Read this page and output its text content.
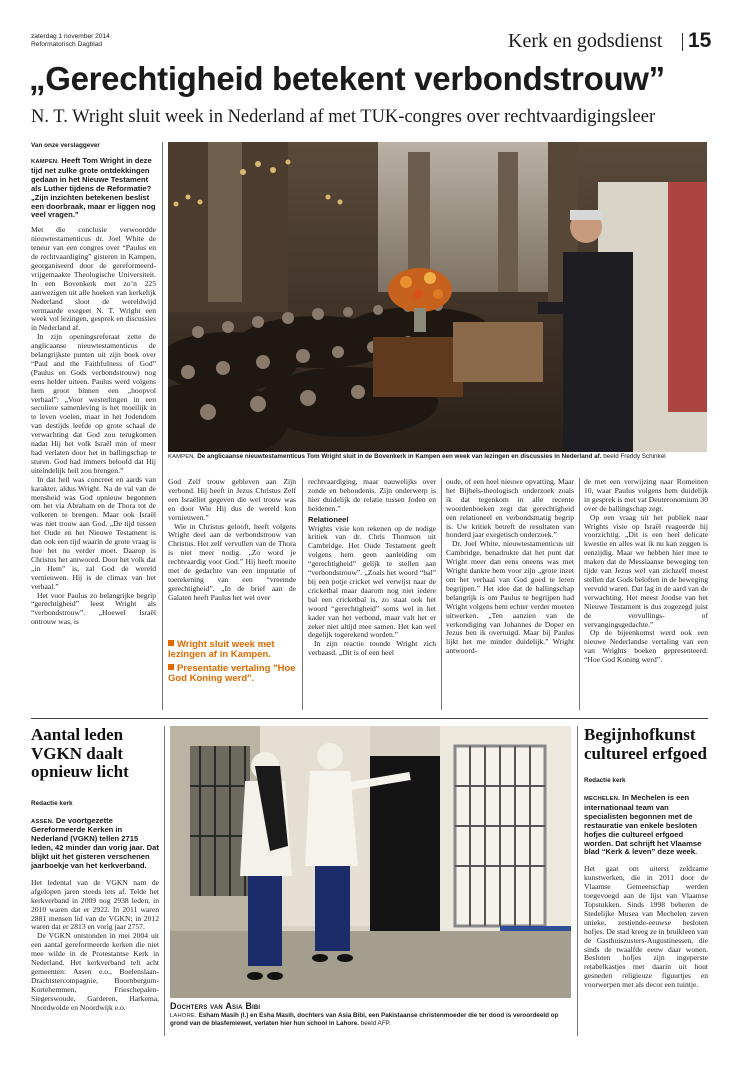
zaterdag 1 november 2014
Reformatorisch Dagblad	Kerk en godsdienst 15
„Gerechtigheid betekent verbondstrouw”
N. T. Wright sluit week in Nederland af met TUK-congres over rechtvaardigingsleer
Van onze verslaggever
KAMPEN. Heeft Tom Wright in deze tijd net zulke grote ontdekkingen gedaan in het Nieuwe Testament als Luther tijdens de Reformatie? „Zijn inzichten betekenen beslist een doorbraak, maar er liggen nog veel vragen.”

Met die conclusie verwoordde nieuwtestamenticus dr. Joel White de teneur van een congres over “Paulus en de rechtvaardiging” gisteren in Kampen, georganiseerd door de gereformeerd-vrijgemaakte Theologische Universiteit. In een Bovenkerk met zo’n 225 aanwezigen uit alle hoeken van kerkelijk Nederland sloot de wereldwijd vermaarde exegeet N. T. Wright een week vol lezingen, gesprek en discussies in Nederland af.

In zijn openingsreferaat zette de anglicaanse nieuwtestamenticus de belangrijkste punten uit zijn boek over “Paul and the Faithfulness of God” (Paulus en Gods verbondstrouw) nog eens helder uiteen. Paulus werd volgens hem groot binnen een „hoopvol verhaal”: „Voor westerlingen in een seculiere samenleving is het moeilijk in te leven voelen, maar in het Jodendom van destijds leefde op grote schaal de verwachting dat God zou terugkomen nadat Hij het volk Israël min of meer had verlaten door het in ballingschap te sturen. God had immers beloofd dat Hij uiteindelijk heil zou brengen.”

In dat heil was concreet en aards van karakter, aldus Wright. Na de val van de mensheid was God opnieuw begonnen om het via Abraham en de Thora tot de volkeren te brengen. Maar ook Israël was niet trouw aan God. „De tijd tussen het Oude en het Nieuwe Testament is dan ook een tijd waarin de grote vraag is hoe het nu verder moet. Daarop is Christus het antwoord. Door het volk dat „in Hem” is, zal God de wereld vernieuwen. Hij is de climax van het verhaal.”

Het voor Paulus zo belangrijke begrip “gerechtigheid” leest Wright als “verbondstrouw”. „Hoewel Israël ontrouw was, is

KAMPEN. De anglicaanse nieuwtestamenticus Tom Wright sluit in de Bovenkerk in Kampen een week van lezingen en discussies in Nederland af. beeld Freddy Schinkel

God Zelf trouw gebleven aan Zijn verbond. Hij heeft in Jezus Christus Zelf een Israëliet gegeven die wel trouw was en door Wie Hij dus de wereld kon vernieuwen.”

Wie in Christus gelooft, heeft volgens Wright deel aan de verbondstrouw van Christus. Het zelf vervullen van de Thora is niet meer nodig. „Zo word je rechtvaardig voor God.” Hij heeft moeite met de gedachte van een imputatie of toerekening van een “vreemde gerechtigheid”. „In de brief aan de Galaten heeft Paulus het wel over

Wright sluit week met lezingen af in Kampen.
Presentatie vertaling "Hoe God Koning werd".

rechtvaardiging, maar nauwelijks over zonde en behoudenis. Zijn onderwerp is hier duidelijk de relatie tussen Joden en heidenen.”

Relationeel

Wrights visie kon rekenen op de nodige kritiek van dr. Chris Thomson uit Cambridge. Het Oude Testament geeft volgens hem geen aanleiding om “gerechtigheid” gelijk te stellen aan “verbondstrouw”. „Zoals het woord “bal” bij een potje cricket wel verwijst naar de cricketbal maar daarom nog niet iedere bal een cricketbal is, zo staat ook het woord “gerechtigheid” soms wel in het kader van het verbond, maar valt het er zeker niet altijd mee samen. Het kan wel degelijk togerekend worden.”

In zijn reactie toonde Wright zich verbaasd. „Dit is of een heel

oude, of een heel nieuwe opvatting. Maar het Bijbels-theologisch onderzoek zoals ik dat tegenkom in alle recente woordenboeken zegt dat gerechtigheid een relationeel en verbondsmatig begrip is. Uw kritiek betreft de resultaten van honderd jaar exegetisch onderzoek.”

Dr. Joel White, nieuwtestamenticus uit Cambridge, benadrukte dat het punt dat Wright meer dan eens oneens was met Wright dankte hem voor zijn „grote inzet om het verhaal van God goed te leren begrijpen.” Het idee dat de ballingschap belangrijk is om Paulus te begrijpen had Wright volgens hem echter verder moeten uitwerken. „Ten aanzien van de verkondiging van Johannes de Doper en Jezus ben ik overtuigd. Maar bij Paulus lijkt het me minder duidelijk.” Wright antwoord-

de met een verwijzing naar Romeinen 10, waar Paulus volgens hem duidelijk in gesprek is met vat Deuteronomium 30 over de ballingschap zegt.

Op een vraag uit het publiek naar Wrights visie op Israël reageerde hij voorzichtig. „Dit is een heel delicate kwestie en alles wat ik nu kan zeggen is eenzijdig. Maar we hebben hier mee te maken dat de Messiaanse beweging ten tijde van Jezus wel van zichzelf moest stellen dat Gods beloften in de beweging vervuld waren. Dat lag in de aard van de verwachting. Het meest Joodse van het Nieuwe Testament is dus zogezegd juist de vervullings- of vervangingsgedachte.”

Op de bijeenkomst werd ook een nieuwe Nederlandse vertaling van een van Wrights boeken gepresenteerd: “Hoe God Koning werd”.

Aantal leden VGKN daalt opnieuw licht
Redactie kerk
ASSEN. De voortgezette Gereformeerde Kerken in Nederland (VGKN) tellen 2715 leden, 42 minder dan vorig jaar. Dat blijkt uit het gisteren verschenen jaarboekje van het kerkverband.

Het ledental van de VGKN nam de afgelopen jaren steeds iets af. Telde het kerkverband in 2009 nog 2938 leden, in 2010 waren dat er 2922. In 2011 waren 2881 mensen lid van de VGKN; in 2012 waren dat er 2813 en vorig jaar 2757.

De VGKN ontstonden in mei 2004 uit een aantal gereformeerde kerken die niet mee wilde in de Protestantse Kerk in Nederland. Het kerkverband telt acht gemeenten: Assen e.o., Boelenslaan-Drachtstercompagnie, Boornbergum-Kortehemmen, Frieschepalen-Siegerswoude, Garderen, Harkema, Noordwolde en Noordwijk e.o.	Dochters van Asia Bibi
LAHORE. Esham Masih (l.) en Esha Masih, dochters van Asia Bibi, een Pakistaanse christenmoeder die ter dood is veroordeeld op grond van de blasfemiewet, verlaten hier hun school in Lahore. beeld AFP.
Begijnhofkunst cultureel erfgoed
Redactie kerk
MECHELEN. In Mechelen is een internationaal team van specialisten begonnen met de restauratie van enkele besloten hofjes die cultureel erfgoed worden. Dat schrijft het Vlaamse blad “Kerk & leven” deze week.

Het gaat om uiterst zeldzame kunstwerken, die in 2011 door de Vlaamse Gemeenschap werden toegevoegd aan de lijst van Vlaamse Topstukken. Sinds 1998 beheren de Stedelijke Musea van Mechelen zeven unieke, zestiende-eeuwse besloten hofjes. De stad kreeg ze in bruikleen van de Gasthuiszusters-Augustinessen, die sinds de twaalfde eeuw daar wonen. Besloten hofjes zijn ingeperste retabelkastjes met daarin uit hout gesneden religieuze figuurtjes en voorwerpen met als decor een tuintje.
